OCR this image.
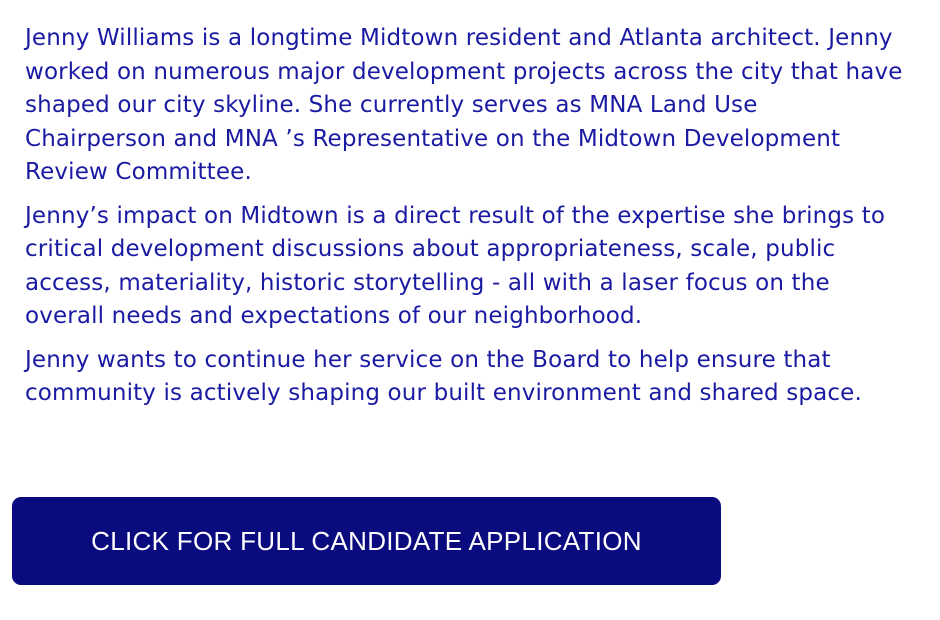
Jenny Williams is a longtime Midtown resident and Atlanta architect. Jenny worked on numerous major development projects across the city that have shaped our city skyline. She currently serves as MNA Land Use Chairperson and MNA ’s Representative on the Midtown Development Review Committee.

Jenny’s impact on Midtown is a direct result of the expertise she brings to critical development discussions about appropriateness, scale, public access, materiality, historic storytelling - all with a laser focus on the overall needs and expectations of our neighborhood.

Jenny wants to continue her service on the Board to help ensure that community is actively shaping our built environment and shared space.

CLICK FOR FULL CANDIDATE APPLICATION
